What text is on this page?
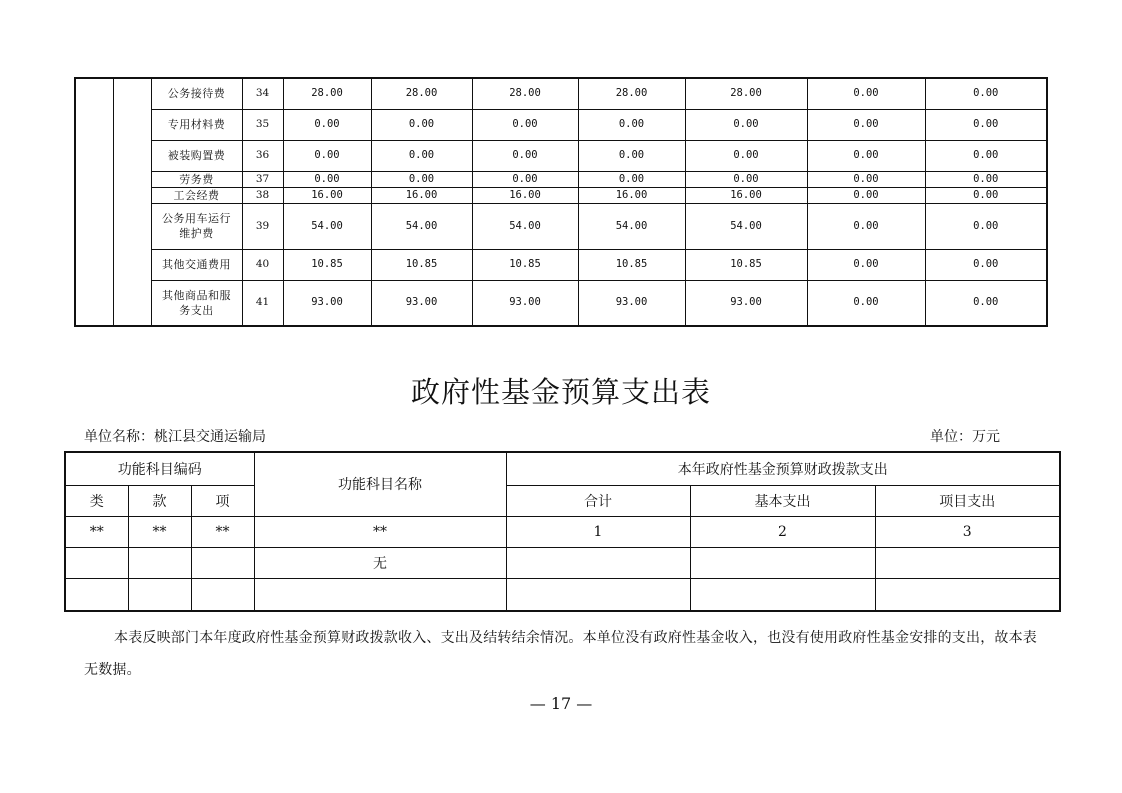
		公务接待费	34	28.00	28.00	28.00	28.00	28.00	0.00	0.00
		专用材料费	35	0.00	0.00	0.00	0.00	0.00	0.00	0.00
		被装购置费	36	0.00	0.00	0.00	0.00	0.00	0.00	0.00
		劳务费	37	0.00	0.00	0.00	0.00	0.00	0.00	0.00
		工会经费	38	16.00	16.00	16.00	16.00	16.00	0.00	0.00
		公务用车运行维护费	39	54.00	54.00	54.00	54.00	54.00	0.00	0.00
		其他交通费用	40	10.85	10.85	10.85	10.85	10.85	0.00	0.00
		其他商品和服务支出	41	93.00	93.00	93.00	93.00	93.00	0.00	0.00
政府性基金预算支出表
单位名称：桃江县交通运输局	单位：万元
功能科目编码			功能科目名称	本年政府性基金预算财政拨款支出		
类	款	项		合计	基本支出	项目支出
**	**	**	**	1	2	3
			无			

本表反映部门本年度政府性基金预算财政拨款收入、支出及结转结余情况。本单位没有政府性基金收入，也没有使用政府性基金安排的支出，故本表无数据。
— 17 —
